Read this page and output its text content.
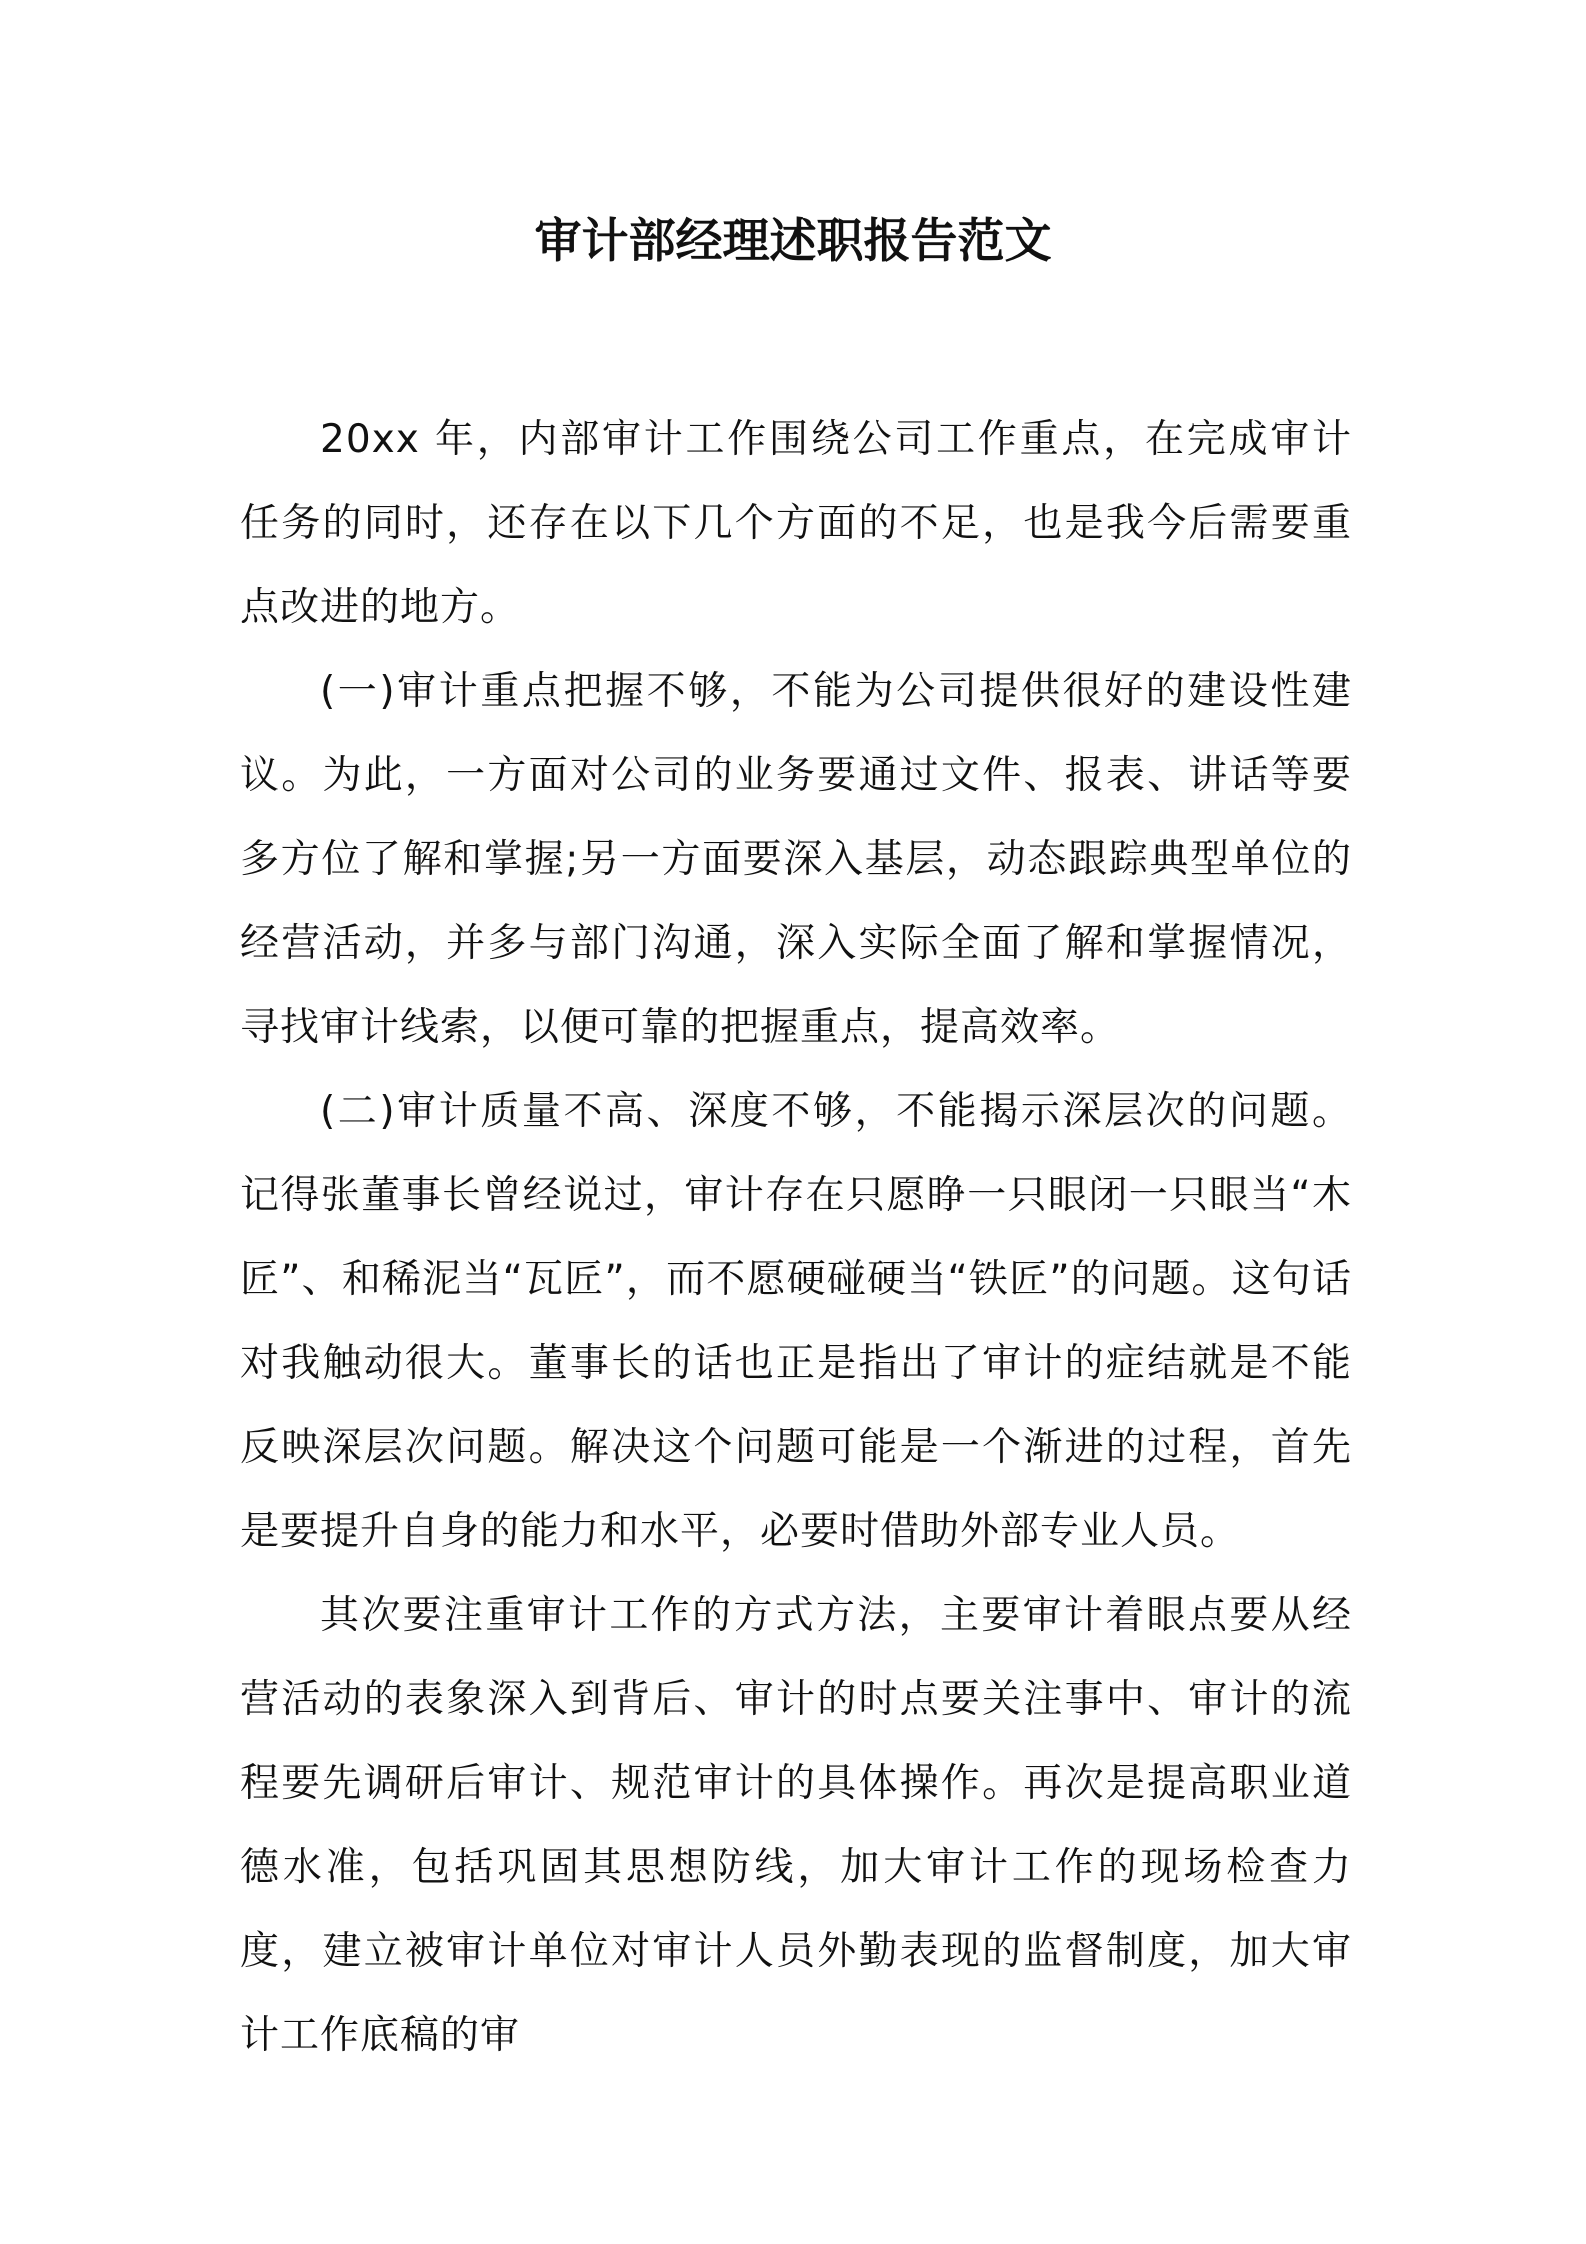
审计部经理述职报告范文

20xx 年，内部审计工作围绕公司工作重点，在完成审计任务的同时，还存在以下几个方面的不足，也是我今后需要重点改进的地方。

(一)审计重点把握不够，不能为公司提供很好的建设性建议。为此，一方面对公司的业务要通过文件、报表、讲话等要多方位了解和掌握;另一方面要深入基层，动态跟踪典型单位的经营活动，并多与部门沟通，深入实际全面了解和掌握情况，寻找审计线索，以便可靠的把握重点，提高效率。

(二)审计质量不高、深度不够，不能揭示深层次的问题。记得张董事长曾经说过，审计存在只愿睁一只眼闭一只眼当“木匠”、和稀泥当“瓦匠”，而不愿硬碰硬当“铁匠”的问题。这句话对我触动很大。董事长的话也正是指出了审计的症结就是不能反映深层次问题。解决这个问题可能是一个渐进的过程，首先是要提升自身的能力和水平，必要时借助外部专业人员。

其次要注重审计工作的方式方法，主要审计着眼点要从经营活动的表象深入到背后、审计的时点要关注事中、审计的流程要先调研后审计、规范审计的具体操作。再次是提高职业道德水准，包括巩固其思想防线，加大审计工作的现场检查力度，建立被审计单位对审计人员外勤表现的监督制度，加大审计工作底稿的审
